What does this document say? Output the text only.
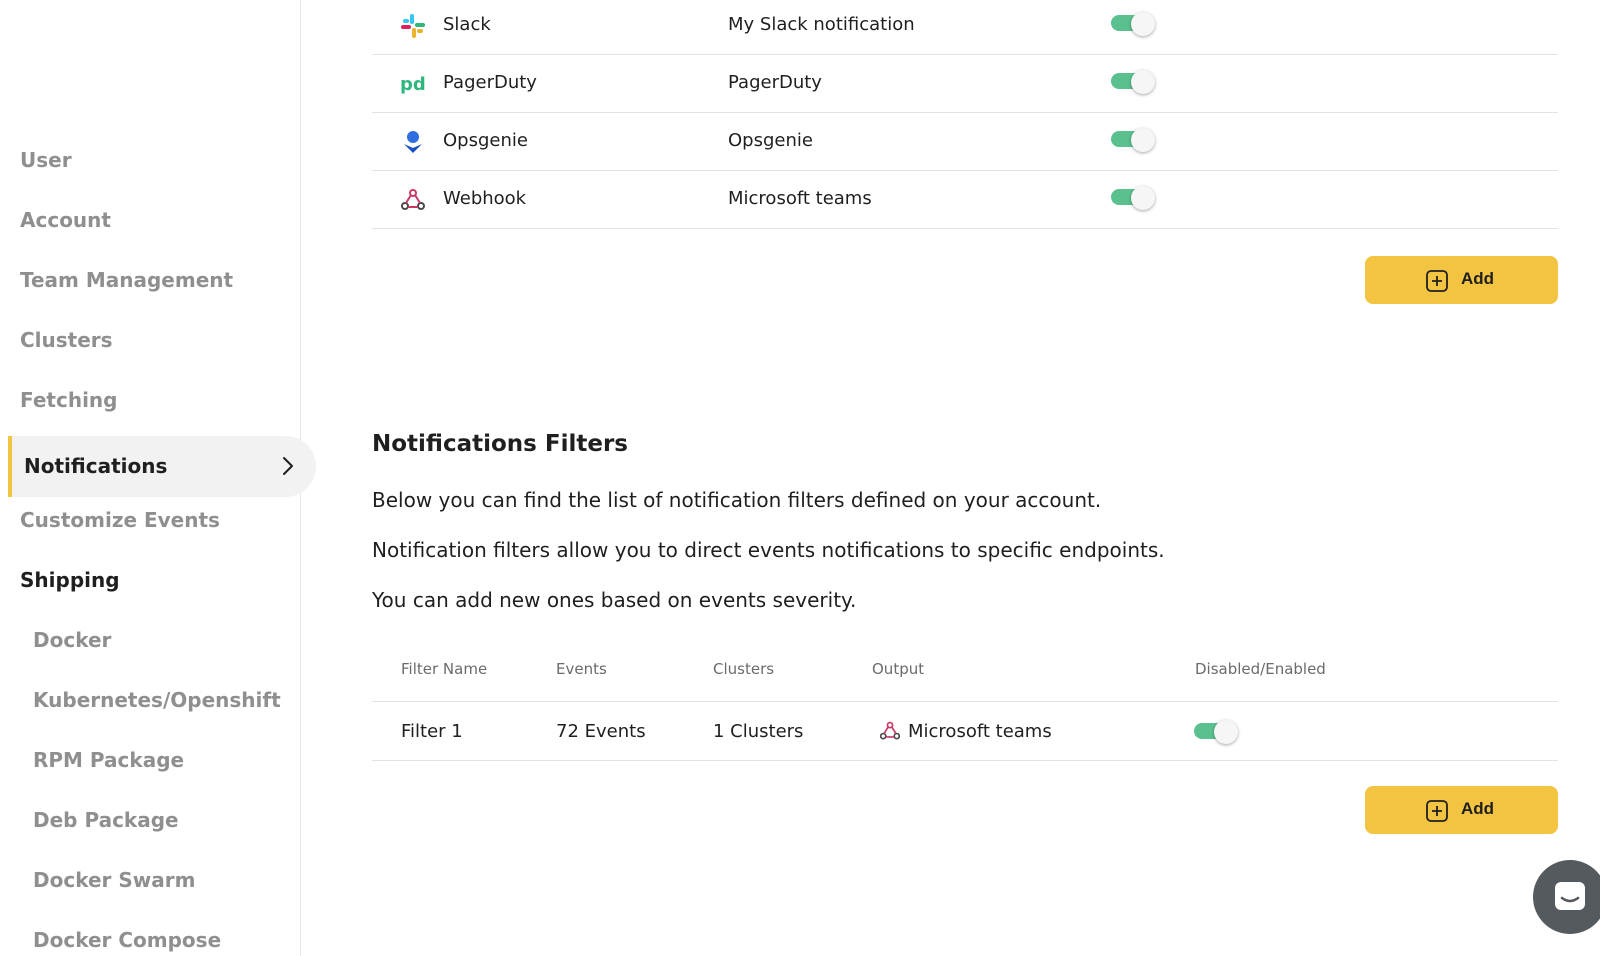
User
Account
Team Management
Clusters
Fetching
Notifications
Customize Events
Shipping
Docker
Kubernetes/Openshift
RPM Package
Deb Package
Docker Swarm
Docker Compose
Slack	My Slack notification
pd PagerDuty	PagerDuty
Opsgenie	Opsgenie
Webhook	Microsoft teams
Add
Notifications Filters

Below you can find the list of notification filters defined on your account.

Notification filters allow you to direct events notifications to specific endpoints.

You can add new ones based on events severity.

Filter Name	Events	Clusters	Output	Disabled/Enabled
Filter 1	72 Events	1 Clusters	Microsoft teams
Add
